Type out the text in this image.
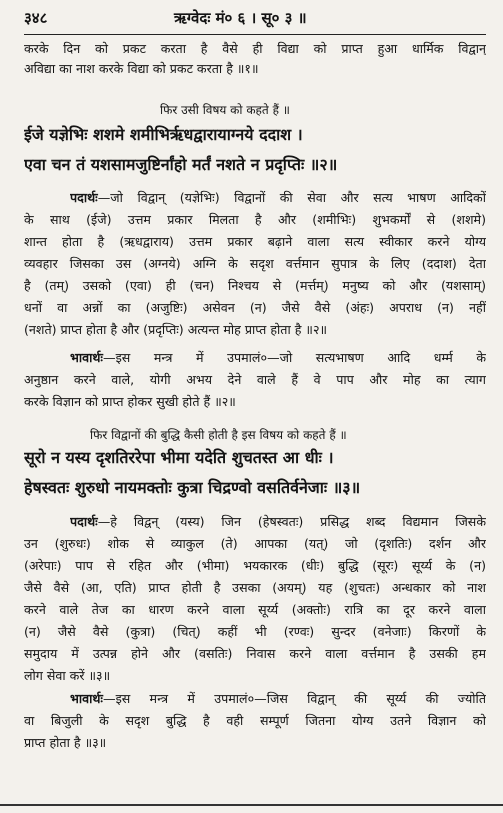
३४८	ऋग्वेदः मं० ६ । सू० ३ ॥
करके दिन को प्रकट करता है वैसे ही विद्या को प्राप्त हुआ धार्मिक विद्वान्
अविद्या का नाश करके विद्या को प्रकट करता है ॥१॥
फिर उसी विषय को कहते हैं ॥
ईजे यज्ञेभिः शशमे शमीभिर्ऋधद्वारायाग्नये ददाश ।
एवा चन तं यशसामजुष्टिर्नांहो मर्तं नशते न प्रदृप्तिः ॥२॥
पदार्थः—जो विद्वान् (यज्ञेभिः) विद्वानों की सेवा और सत्य भाषण आदिकों
के साथ (ईजे) उत्तम प्रकार मिलता है और (शमीभिः) शुभकर्मों से (शशमे)
शान्त होता है (ऋधद्वाराय) उत्तम प्रकार बढ़ाने वाला सत्य स्वीकार करने योग्य
व्यवहार जिसका उस (अग्नये) अग्नि के सदृश वर्त्तमान सुपात्र के लिए (ददाश) देता
है (तम्) उसको (एवा) ही (चन) निश्चय से (मर्त्तम्) मनुष्य को और (यशसाम्)
धनों वा अन्नों का (अजुष्टिः) असेवन (न) जैसे वैसे (अंहः) अपराध (न) नहीं
(नशते) प्राप्त होता है और (प्रदृप्तिः) अत्यन्त मोह प्राप्त होता है ॥२॥
भावार्थः—इस मन्त्र में उपमालं०—जो सत्यभाषण आदि धर्म्म के
अनुष्ठान करने वाले, योगी अभय देने वाले हैं वे पाप और मोह का त्याग
करके विज्ञान को प्राप्त होकर सुखी होते हैं ॥२॥
फिर विद्वानों की बुद्धि कैसी होती है इस विषय को कहते हैं ॥
सूरो न यस्य दृशतिररेपा भीमा यदेति शुचतस्त आ धीः ।
हेषस्वतः शुरुधो नायमक्तोः कुत्रा चिद्रण्वो वसतिर्वनेजाः ॥३॥
पदार्थः—हे विद्वन् (यस्य) जिन (हेषस्वतः) प्रसिद्ध शब्द विद्यमान जिसके
उन (शुरुधः) शोक से व्याकुल (ते) आपका (यत्) जो (दृशतिः) दर्शन और
(अरेपाः) पाप से रहित और (भीमा) भयकारक (धीः) बुद्धि (सूरः) सूर्य्य के (न)
जैसे वैसे (आ, एति) प्राप्त होती है उसका (अयम्) यह (शुचतः) अन्धकार को नाश
करने वाले तेज का धारण करने वाला सूर्य्य (अक्तोः) रात्रि का दूर करने वाला
(न) जैसे वैसे (कुत्रा) (चित्) कहीं भी (रण्वः) सुन्दर (वनेजाः) किरणों के
समुदाय में उत्पन्न होने और (वसतिः) निवास करने वाला वर्त्तमान है उसकी हम
लोग सेवा करें ॥३॥
भावार्थः—इस मन्त्र में उपमालं०—जिस विद्वान् की सूर्य्य की ज्योति
वा बिजुली के सदृश बुद्धि है वही सम्पूर्ण जितना योग्य उतने विज्ञान को
प्राप्त होता है ॥३॥
